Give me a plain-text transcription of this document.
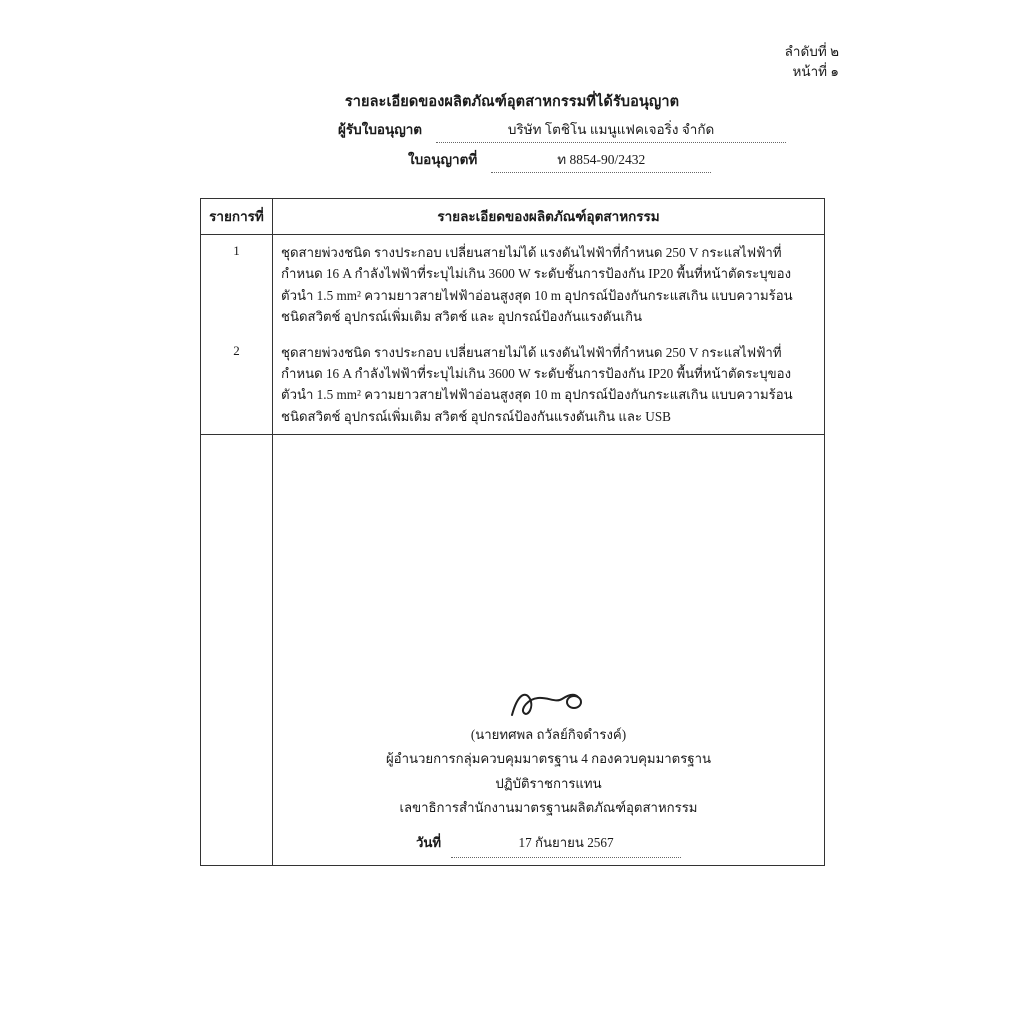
ลำดับที่ ๒
หน้าที่ ๑
รายละเอียดของผลิตภัณฑ์อุตสาหกรรมที่ได้รับอนุญาต
ผู้รับใบอนุญาต	บริษัท โตชิโน แมนูแฟคเจอริ่ง จำกัด
ใบอนุญาตที่	ท 8854-90/2432
รายการที่	รายละเอียดของผลิตภัณฑ์อุตสาหกรรม
1	ชุดสายพ่วงชนิด รางประกอบ เปลี่ยนสายไม่ได้ แรงดันไฟฟ้าที่กำหนด 250 V กระแสไฟฟ้าที่กำหนด 16 A กำลังไฟฟ้าที่ระบุไม่เกิน 3600 W ระดับชั้นการป้องกัน IP20 พื้นที่หน้าตัดระบุของตัวนำ 1.5 mm² ความยาวสายไฟฟ้าอ่อนสูงสุด 10 m อุปกรณ์ป้องกันกระแสเกิน แบบความร้อนชนิดสวิตช์ อุปกรณ์เพิ่มเติม สวิตช์ และ อุปกรณ์ป้องกันแรงดันเกิน
2	ชุดสายพ่วงชนิด รางประกอบ เปลี่ยนสายไม่ได้ แรงดันไฟฟ้าที่กำหนด 250 V กระแสไฟฟ้าที่กำหนด 16 A กำลังไฟฟ้าที่ระบุไม่เกิน 3600 W ระดับชั้นการป้องกัน IP20 พื้นที่หน้าตัดระบุของตัวนำ 1.5 mm² ความยาวสายไฟฟ้าอ่อนสูงสุด 10 m อุปกรณ์ป้องกันกระแสเกิน แบบความร้อนชนิดสวิตช์ อุปกรณ์เพิ่มเติม สวิตช์ อุปกรณ์ป้องกันแรงดันเกิน และ USB

(นายทศพล ถวัลย์กิจดำรงค์)
ผู้อำนวยการกลุ่มควบคุมมาตรฐาน 4 กองควบคุมมาตรฐาน
ปฏิบัติราชการแทน
เลขาธิการสำนักงานมาตรฐานผลิตภัณฑ์อุตสาหกรรม
วันที่	17 กันยายน 2567
